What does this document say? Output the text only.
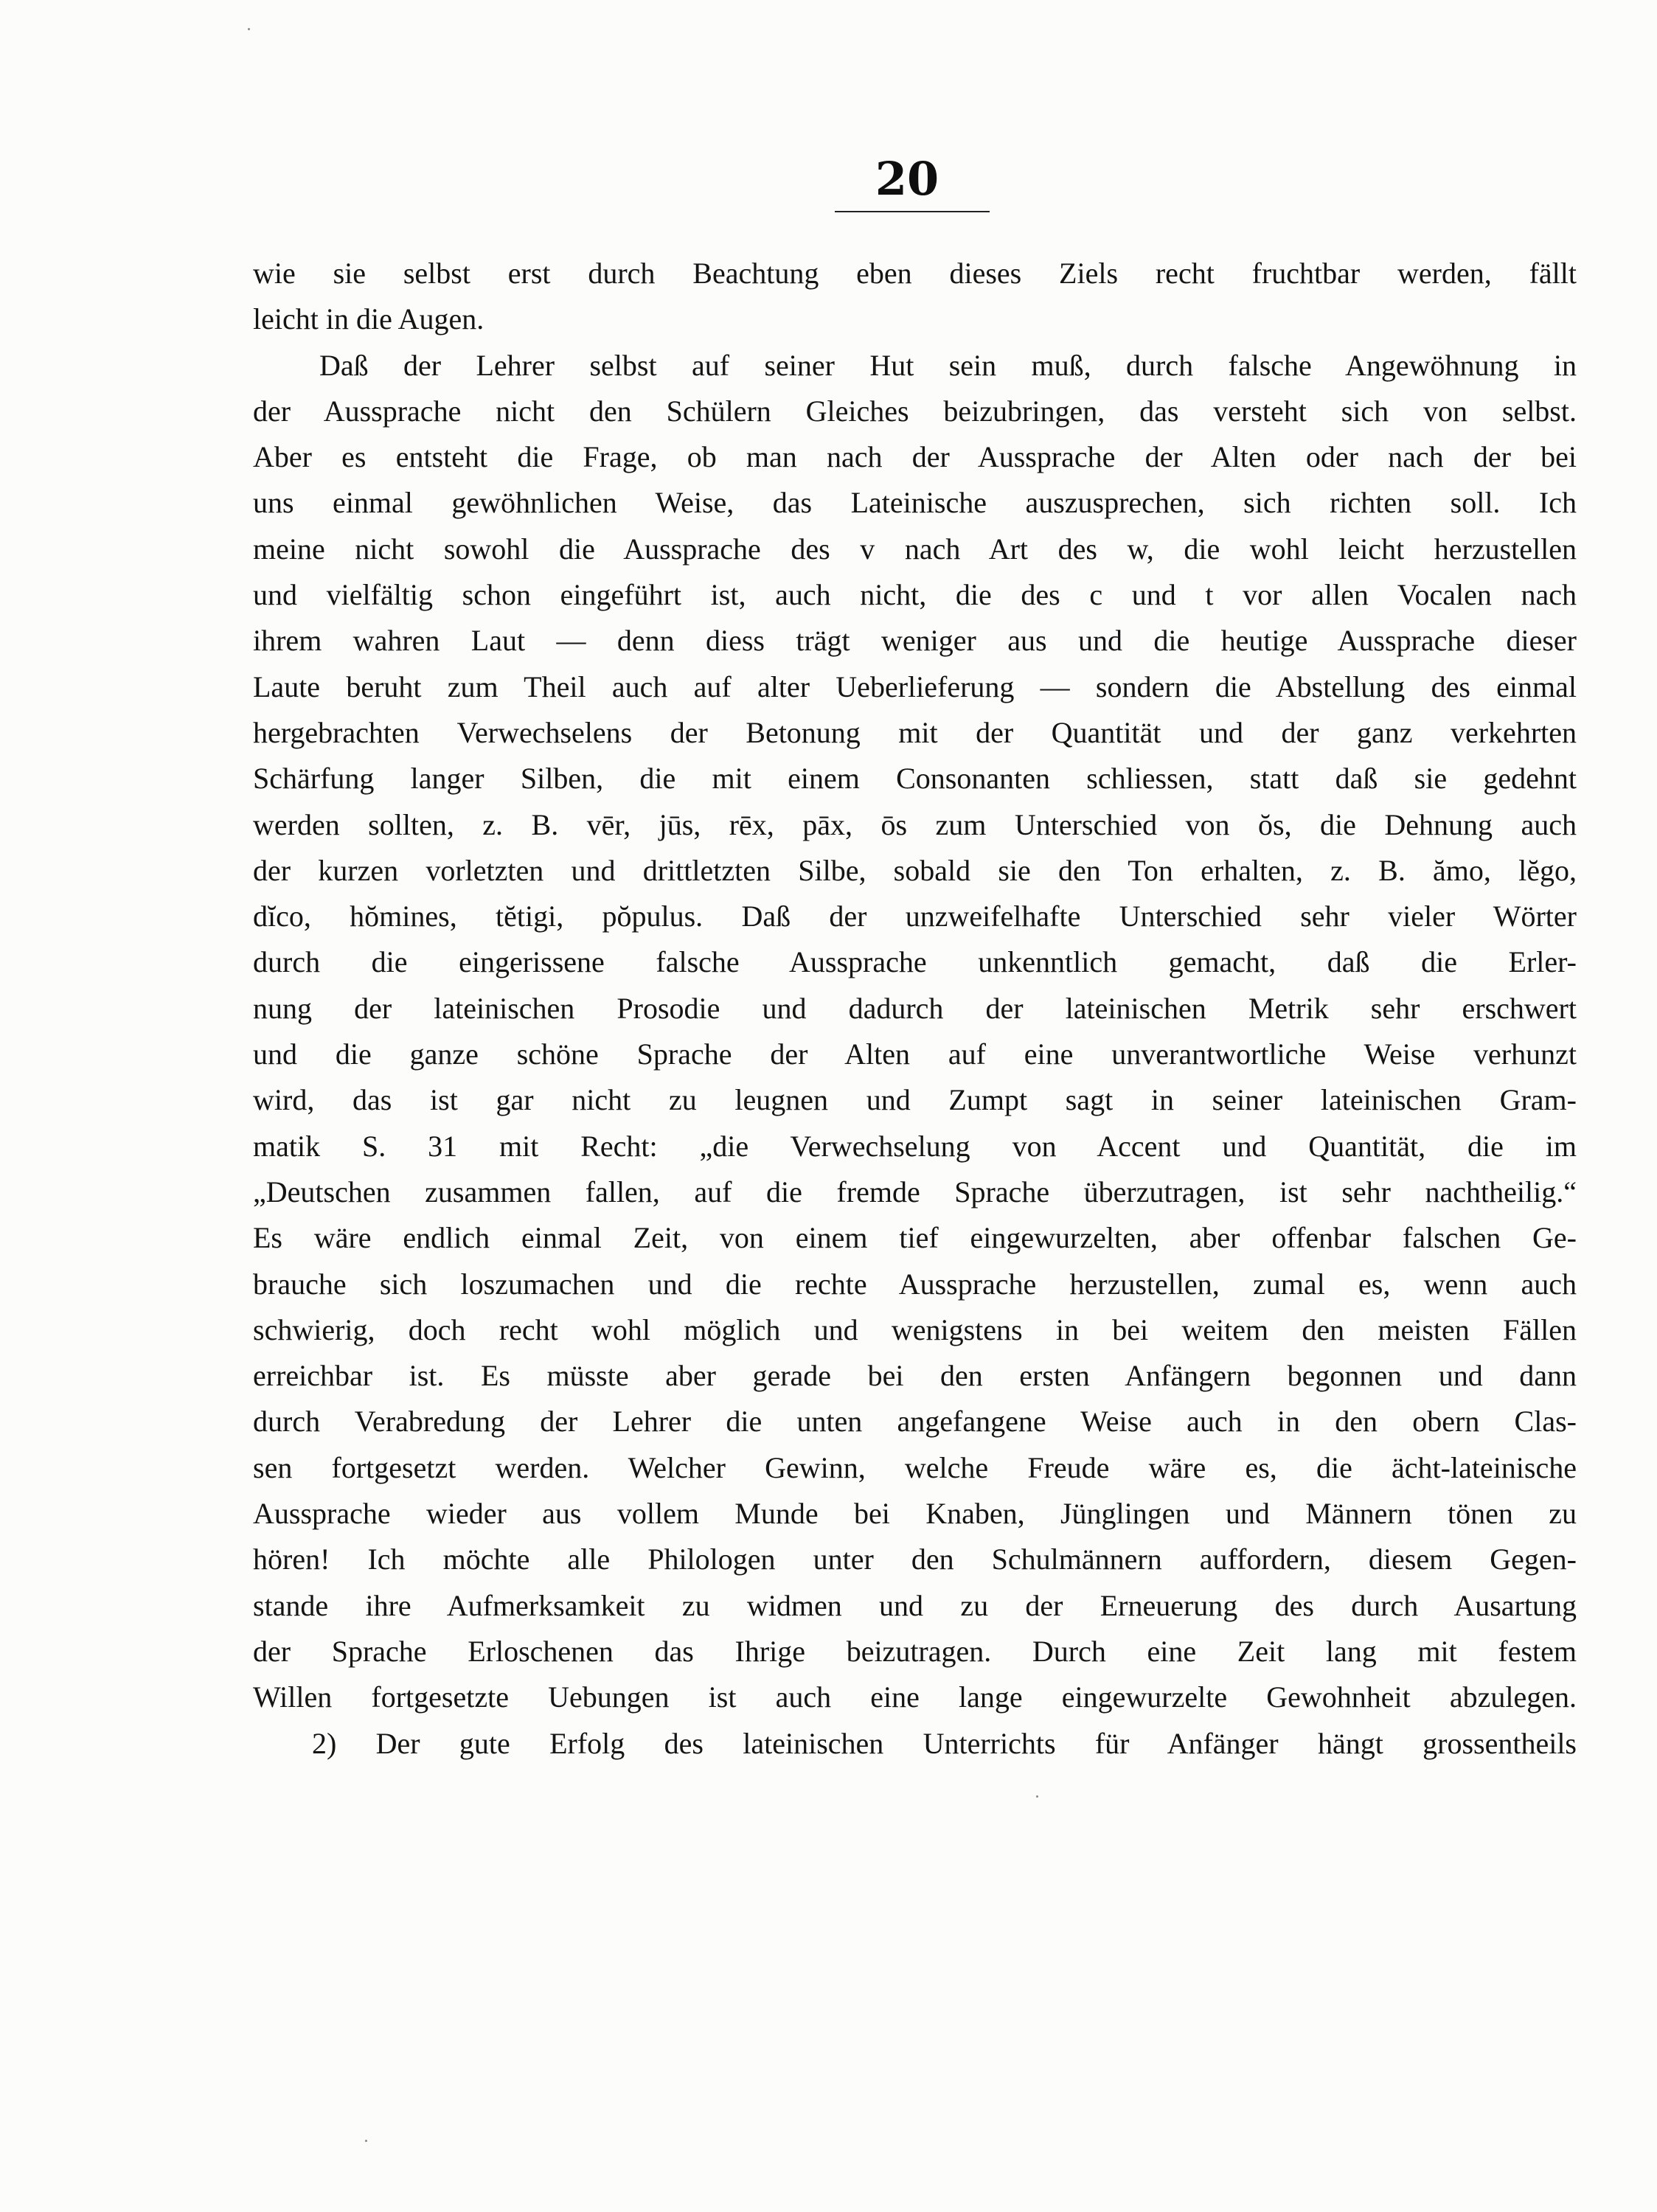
20
wie sie selbst erst durch Beachtung eben dieses Ziels recht fruchtbar werden, fällt
leicht in die Augen.
Daß der Lehrer selbst auf seiner Hut sein muß, durch falsche Angewöhnung in
der Aussprache nicht den Schülern Gleiches beizubringen, das versteht sich von selbst.
Aber es entsteht die Frage, ob man nach der Aussprache der Alten oder nach der bei
uns einmal gewöhnlichen Weise, das Lateinische auszusprechen, sich richten soll. Ich
meine nicht sowohl die Aussprache des v nach Art des w, die wohl leicht herzustellen
und vielfältig schon eingeführt ist, auch nicht, die des c und t vor allen Vocalen nach
ihrem wahren Laut — denn diess trägt weniger aus und die heutige Aussprache dieser
Laute beruht zum Theil auch auf alter Ueberlieferung — sondern die Abstellung des einmal
hergebrachten Verwechselens der Betonung mit der Quantität und der ganz verkehrten
Schärfung langer Silben, die mit einem Consonanten schliessen, statt daß sie gedehnt
werden sollten, z. B. vēr, jūs, rēx, pāx, ōs zum Unterschied von ŏs, die Dehnung auch
der kurzen vorletzten und drittletzten Silbe, sobald sie den Ton erhalten, z. B. ămo, lĕgo,
dĭco, hŏmines, tĕtigi, pŏpulus. Daß der unzweifelhafte Unterschied sehr vieler Wörter
durch die eingerissene falsche Aussprache unkenntlich gemacht, daß die Erler-
nung der lateinischen Prosodie und dadurch der lateinischen Metrik sehr erschwert
und die ganze schöne Sprache der Alten auf eine unverantwortliche Weise verhunzt
wird, das ist gar nicht zu leugnen und Zumpt sagt in seiner lateinischen Gram-
matik S. 31 mit Recht: „die Verwechselung von Accent und Quantität, die im
„Deutschen zusammen fallen, auf die fremde Sprache überzutragen, ist sehr nachtheilig.“
Es wäre endlich einmal Zeit, von einem tief eingewurzelten, aber offenbar falschen Ge-
brauche sich loszumachen und die rechte Aussprache herzustellen, zumal es, wenn auch
schwierig, doch recht wohl möglich und wenigstens in bei weitem den meisten Fällen
erreichbar ist. Es müsste aber gerade bei den ersten Anfängern begonnen und dann
durch Verabredung der Lehrer die unten angefangene Weise auch in den obern Clas-
sen fortgesetzt werden. Welcher Gewinn, welche Freude wäre es, die ächt-lateinische
Aussprache wieder aus vollem Munde bei Knaben, Jünglingen und Männern tönen zu
hören! Ich möchte alle Philologen unter den Schulmännern auffordern, diesem Gegen-
stande ihre Aufmerksamkeit zu widmen und zu der Erneuerung des durch Ausartung
der Sprache Erloschenen das Ihrige beizutragen. Durch eine Zeit lang mit festem
Willen fortgesetzte Uebungen ist auch eine lange eingewurzelte Gewohnheit abzulegen.
2) Der gute Erfolg des lateinischen Unterrichts für Anfänger hängt grossentheils
